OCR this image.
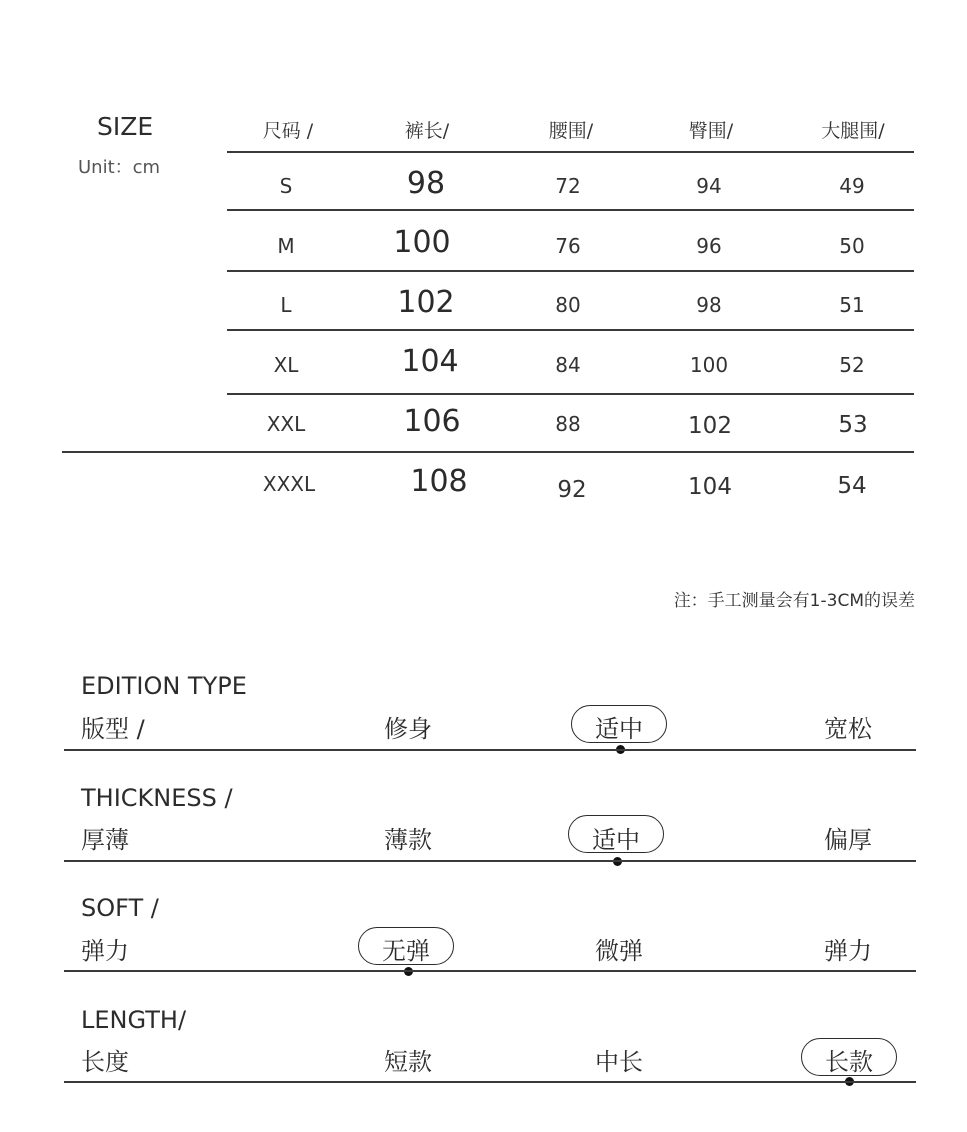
SIZE
Unit：cm
尺码 /	裤长/	腰围/	臀围/	大腿围/
S	98	72	94	49
M	100	76	96	50
L	102	80	98	51
XL	104	84	100	52
XXL	106	88	102	53
XXXL	108	92	104	54
注：手工测量会有1-3CM的误差
EDITION TYPE
版型 /	修身	适中	宽松
THICKNESS /
厚薄	薄款	适中	偏厚
SOFT /
弹力	无弹	微弹	弹力
LENGTH/
长度	短款	中长	长款
